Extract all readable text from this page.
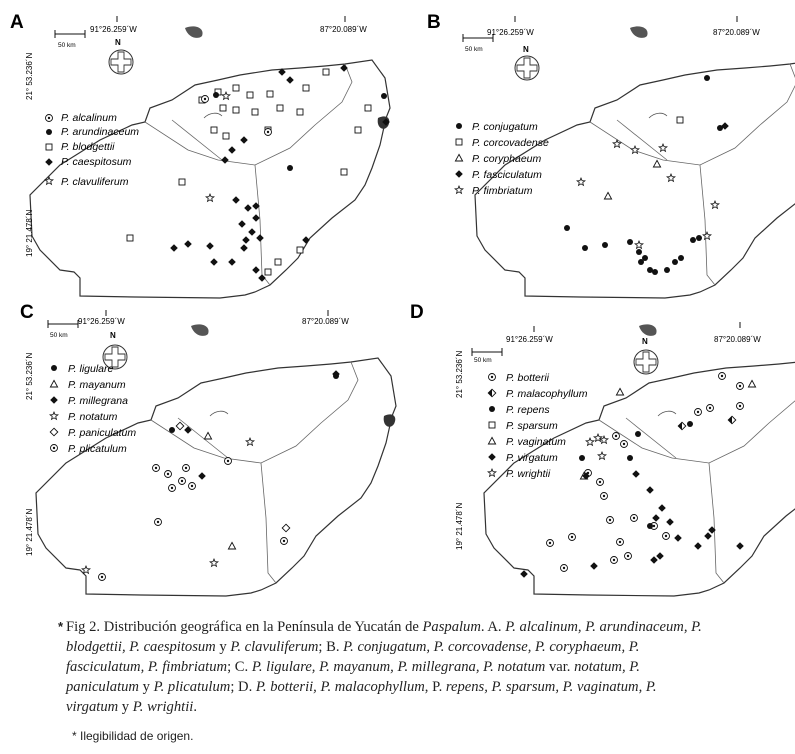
A
50 km
91°26.259´W	87°20.089´W
21° 53.236´N
19° 21.478´N
N
P. alcalinum
P. arundinaceum
P. blodgettii
P. caespitosum
P. clavuliferum
B
50 km
91°26.259´W	87°20.089´W
N
P. conjugatum
P. corcovadense
P. coryphaeum
P. fasciculatum
P. fimbriatum
C
50 km
91°26.259´W	87°20.089´W
21° 53.236´N
19° 21.478´N
N
P. ligulare
P. mayanum
P. millegrana
P. notatum
P. paniculatum
P. plicatulum
D
50 km
91°26.259´W	87°20.089´W
21° 53.236´N
19° 21.478´N
N
P. botterii
P. malacophyllum
P. repens
P. sparsum
P. vaginatum
P. virgatum
P. wrightii
* Fig 2. Distribución geográfica en la Península de Yucatán de Paspalum. A. P. alcalinum, P. arundinaceum, P. blodgettii, P. caespitosum y P. clavuliferum; B. P. conjugatum, P. corcovadense, P. coryphaeum, P. fasciculatum, P. fimbriatum; C. P. ligulare, P. mayanum, P. millegrana, P. notatum var. notatum, P. paniculatum y P. plicatulum; D. P. botterii, P. malacophyllum, P. repens, P. sparsum, P. vaginatum, P. virgatum y P. wrightii.
* Ilegibilidad de origen.
